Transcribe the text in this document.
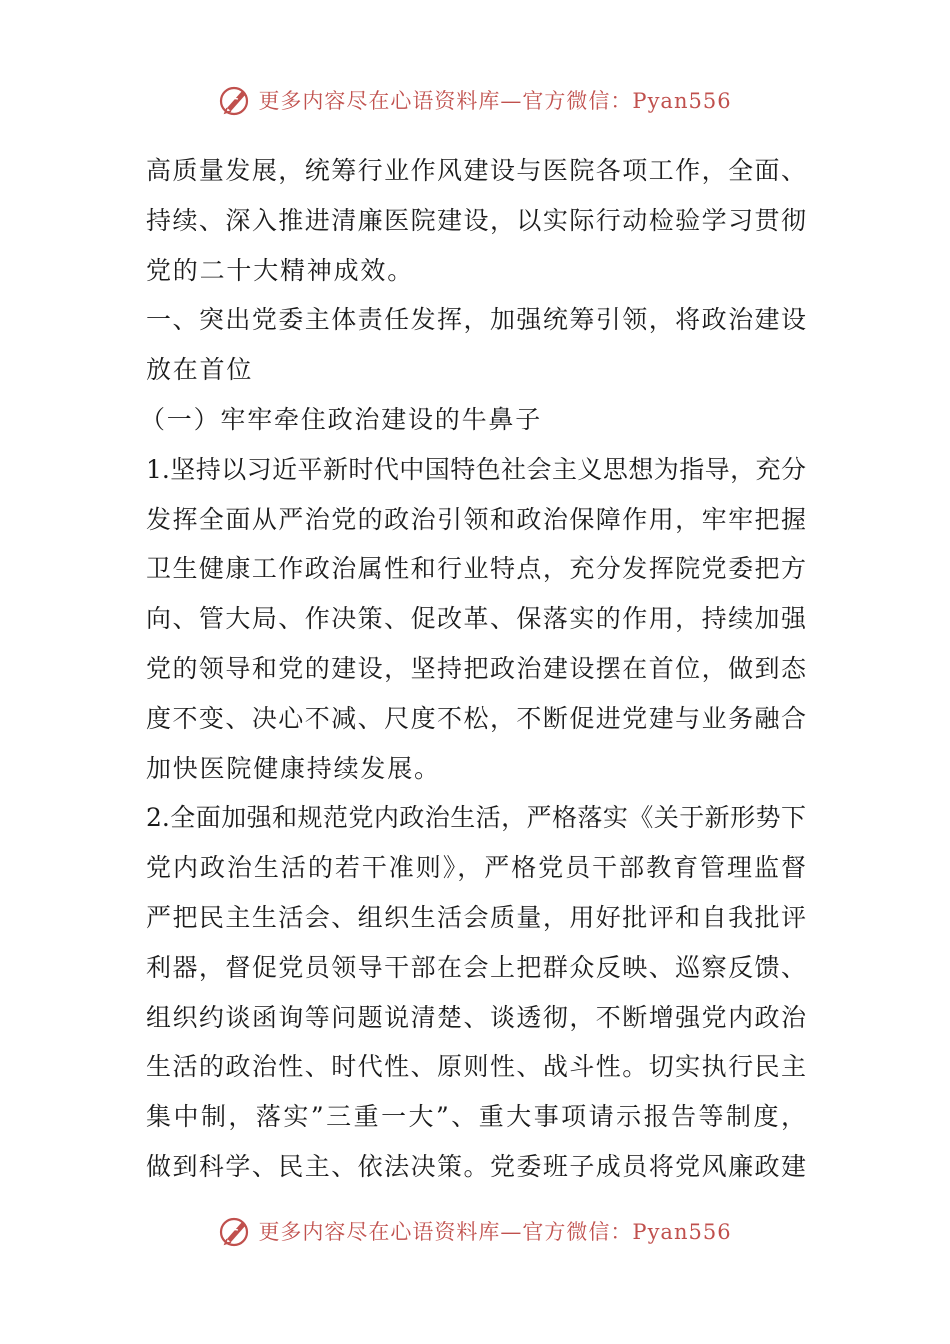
更多内容尽在心语资料库—官方微信：Pyan556
高质量发展，统筹行业作风建设与医院各项工作，全面、
持续、深入推进清廉医院建设，以实际行动检验学习贯彻
党的二十大精神成效。
一、突出党委主体责任发挥，加强统筹引领，将政治建设
放在首位
（一）牢牢牵住政治建设的牛鼻子
1.坚持以习近平新时代中国特色社会主义思想为指导，充分
发挥全面从严治党的政治引领和政治保障作用，牢牢把握
卫生健康工作政治属性和行业特点，充分发挥院党委把方
向、管大局、作决策、促改革、保落实的作用，持续加强
党的领导和党的建设，坚持把政治建设摆在首位，做到态
度不变、决心不减、尺度不松，不断促进党建与业务融合
加快医院健康持续发展。
2.全面加强和规范党内政治生活，严格落实《关于新形势下
党内政治生活的若干准则》，严格党员干部教育管理监督
严把民主生活会、组织生活会质量，用好批评和自我批评
利器，督促党员领导干部在会上把群众反映、巡察反馈、
组织约谈函询等问题说清楚、谈透彻，不断增强党内政治
生活的政治性、时代性、原则性、战斗性。切实执行民主
集中制，落实”三重一大”、重大事项请示报告等制度，
做到科学、民主、依法决策。党委班子成员将党风廉政建
更多内容尽在心语资料库—官方微信：Pyan556
